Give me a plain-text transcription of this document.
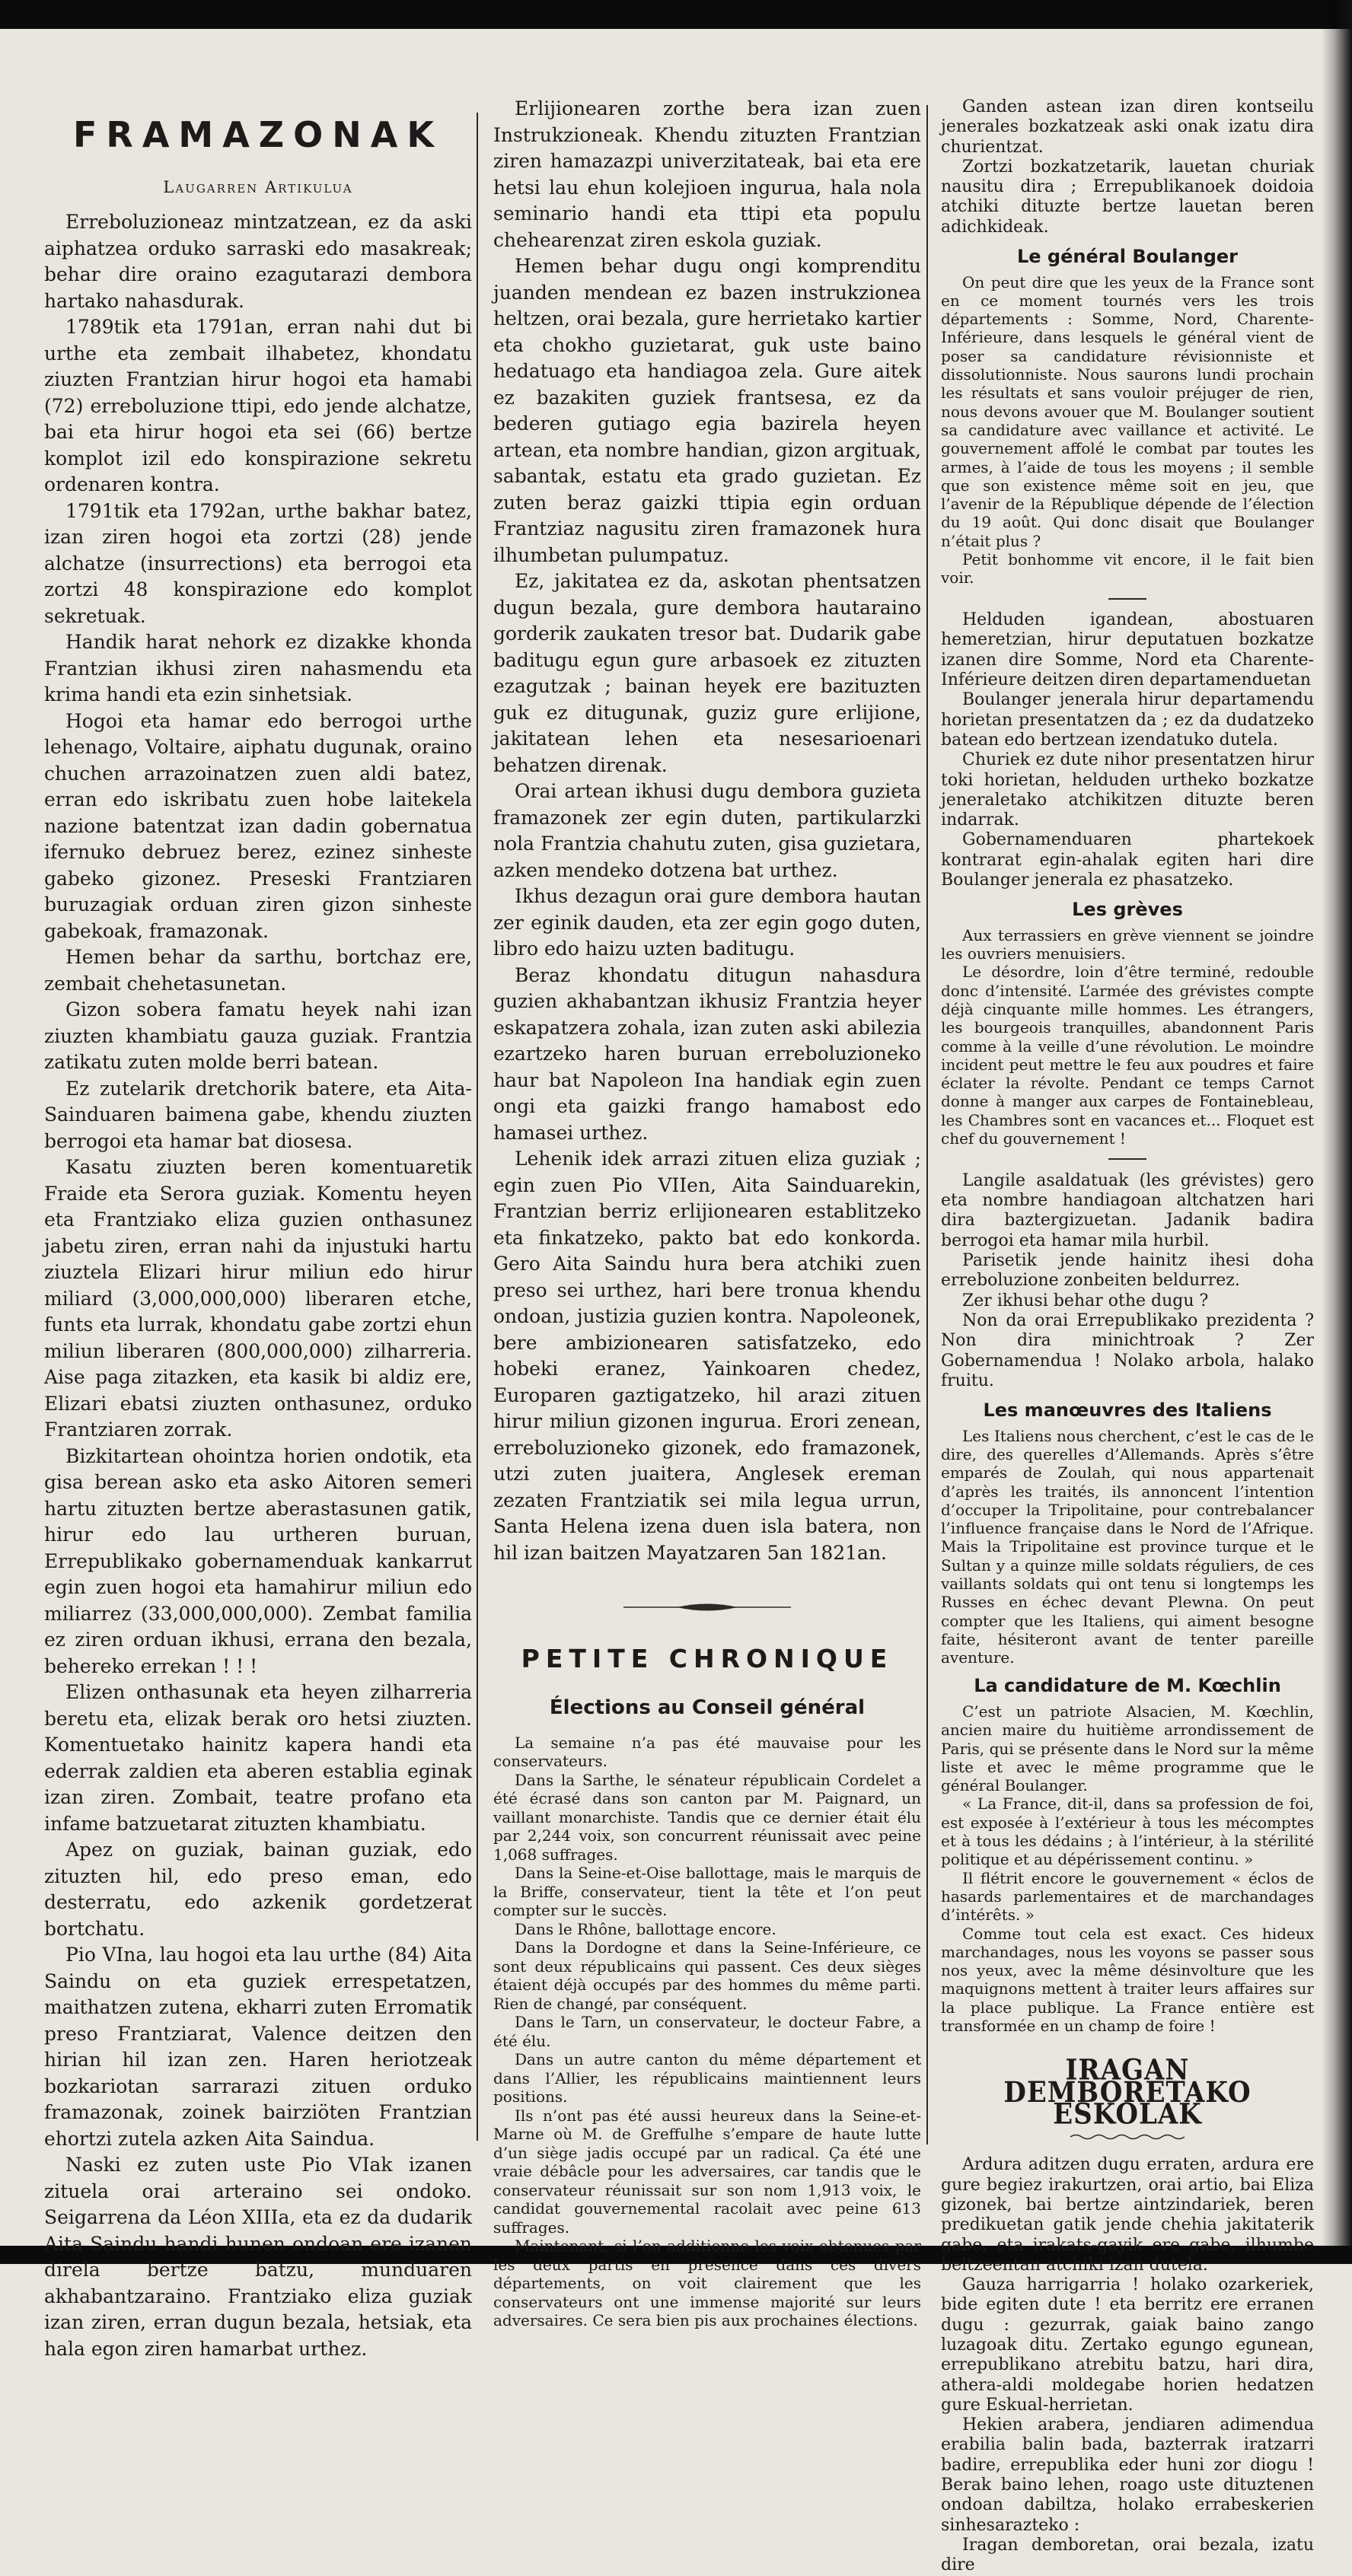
FRAMAZONAK

Laugarren Artikulua

Erreboluzioneaz mintzatzean, ez da aski aiphatzea orduko sarraski edo masakreak; behar dire oraino ezagutarazi dembora hartako nahasdurak.

1789tik eta 1791an, erran nahi dut bi urthe eta zembait ilhabetez, khondatu ziuzten Frantzian hirur hogoi eta hamabi (72) erreboluzione ttipi, edo jende alchatze, bai eta hirur hogoi eta sei (66) bertze komplot izil edo konspirazione sekretu ordenaren kontra.

1791tik eta 1792an, urthe bakhar batez, izan ziren hogoi eta zortzi (28) jende alchatze (insurrections) eta berrogoi eta zortzi 48 konspirazione edo komplot sekretuak.

Handik harat nehork ez dizakke khonda Frantzian ikhusi ziren nahasmendu eta krima handi eta ezin sinhetsiak.

Hogoi eta hamar edo berrogoi urthe lehenago, Voltaire, aiphatu dugunak, oraino chuchen arrazoinatzen zuen aldi batez, erran edo iskribatu zuen hobe laitekela nazione batentzat izan dadin gobernatua ifernuko debruez berez, ezinez sinheste gabeko gizonez. Preseski Frantziaren buruzagiak orduan ziren gizon sinheste gabekoak, framazonak.

Hemen behar da sarthu, bortchaz ere, zembait chehetasunetan.

Gizon sobera famatu heyek nahi izan ziuzten khambiatu gauza guziak. Frantzia zatikatu zuten molde berri batean.

Ez zutelarik dretchorik batere, eta Aita-Sainduaren baimena gabe, khendu ziuzten berrogoi eta hamar bat diosesa.

Kasatu ziuzten beren komentuaretik Fraide eta Serora guziak. Komentu heyen eta Frantziako eliza guzien onthasunez jabetu ziren, erran nahi da injustuki hartu ziuztela Elizari hirur miliun edo hirur miliard (3,000,000,000) liberaren etche, funts eta lurrak, khondatu gabe zortzi ehun miliun liberaren (800,000,000) zilharreria. Aise paga zitazken, eta kasik bi aldiz ere, Elizari ebatsi ziuzten onthasunez, orduko Frantziaren zorrak.

Bizkitartean ohointza horien ondotik, eta gisa berean asko eta asko Aitoren semeri hartu zituzten bertze aberastasunen gatik, hirur edo lau urtheren buruan, Errepublikako gobernamenduak kankarrut egin zuen hogoi eta hamahirur miliun edo miliarrez (33,000,000,000). Zembat familia ez ziren orduan ikhusi, errana den bezala, behereko errekan ! ! !

Elizen onthasunak eta heyen zilharreria beretu eta, elizak berak oro hetsi ziuzten. Komentuetako hainitz kapera handi eta ederrak zaldien eta aberen establia eginak izan ziren. Zombait, teatre profano eta infame batzuetarat zituzten khambiatu.

Apez on guziak, bainan guziak, edo zituzten hil, edo preso eman, edo desterratu, edo azkenik gordetzerat bortchatu.

Pio VIna, lau hogoi eta lau urthe (84) Aita Saindu on eta guziek errespetatzen, maithatzen zutena, ekharri zuten Erromatik preso Frantziarat, Valence deitzen den hirian hil izan zen. Haren heriotzeak bozkariotan sarrarazi zituen orduko framazonak, zoinek bairziöten Frantzian ehortzi zutela azken Aita Saindua.

Naski ez zuten uste Pio VIak izanen zituela orai arteraino sei ondoko. Seigarrena da Léon XIIIa, eta ez da dudarik Aita Saindu handi hunen ondoan ere izanen direla bertze batzu, munduaren akhabantzaraino. Frantziako eliza guziak izan ziren, erran dugun bezala, hetsiak, eta hala egon ziren hamarbat urthez.

Erlijionearen zorthe bera izan zuen Instrukzioneak. Khendu zituzten Frantzian ziren hamazazpi univerzitateak, bai eta ere hetsi lau ehun kolejioen ingurua, hala nola seminario handi eta ttipi eta populu chehearenzat ziren eskola guziak.

Hemen behar dugu ongi komprenditu juanden mendean ez bazen instrukzionea heltzen, orai bezala, gure herrietako kartier eta chokho guzietarat, guk uste baino hedatuago eta handiagoa zela. Gure aitek ez bazakiten guziek frantsesa, ez da bederen gutiago egia bazirela heyen artean, eta nombre handian, gizon argituak, sabantak, estatu eta grado guzietan. Ez zuten beraz gaizki ttipia egin orduan Frantziaz nagusitu ziren framazonek hura ilhumbetan pulumpatuz.

Ez, jakitatea ez da, askotan phentsatzen dugun bezala, gure dembora hautaraino gorderik zaukaten tresor bat. Dudarik gabe baditugu egun gure arbasoek ez zituzten ezagutzak ; bainan heyek ere bazituzten guk ez ditugunak, guziz gure erlijione, jakitatean lehen eta nesesarioenari behatzen direnak.

Orai artean ikhusi dugu dembora guzieta framazonek zer egin duten, partikularzki nola Frantzia chahutu zuten, gisa guzietara, azken mendeko dotzena bat urthez.

Ikhus dezagun orai gure dembora hautan zer eginik dauden, eta zer egin gogo duten, libro edo haizu uzten baditugu.

Beraz khondatu ditugun nahasdura guzien akhabantzan ikhusiz Frantzia heyer eskapatzera zohala, izan zuten aski abilezia ezartzeko haren buruan erreboluzioneko haur bat Napoleon Ina handiak egin zuen ongi eta gaizki frango hamabost edo hamasei urthez.

Lehenik idek arrazi zituen eliza guziak ; egin zuen Pio VIIen, Aita Sainduarekin, Frantzian berriz erlijionearen establitzeko eta finkatzeko, pakto bat edo konkorda. Gero Aita Saindu hura bera atchiki zuen preso sei urthez, hari bere tronua khendu ondoan, justizia guzien kontra. Napoleonek, bere ambizionearen satisfatzeko, edo hobeki eranez, Yainkoaren chedez, Europaren gaztigatzeko, hil arazi zituen hirur miliun gizonen ingurua. Erori zenean, erreboluzioneko gizonek, edo framazonek, utzi zuten juaitera, Anglesek ereman zezaten Frantziatik sei mila legua urrun, Santa Helena izena duen isla batera, non hil izan baitzen Mayatzaren 5an 1821an.

PETITE CHRONIQUE

Élections au Conseil général

La semaine n’a pas été mauvaise pour les conservateurs.

Dans la Sarthe, le sénateur républicain Cordelet a été écrasé dans son canton par M. Paignard, un vaillant monarchiste. Tandis que ce dernier était élu par 2,244 voix, son concurrent réunissait avec peine 1,068 suffrages.

Dans la Seine-et-Oise ballottage, mais le marquis de la Briffe, conservateur, tient la tête et l’on peut compter sur le succès.

Dans le Rhône, ballottage encore.

Dans la Dordogne et dans la Seine-Inférieure, ce sont deux républicains qui passent. Ces deux sièges étaient déjà occupés par des hommes du même parti. Rien de changé, par conséquent.

Dans le Tarn, un conservateur, le docteur Fabre, a été élu.

Dans un autre canton du même département et dans l’Allier, les républicains maintiennent leurs positions.

Ils n’ont pas été aussi heureux dans la Seine-et-Marne où M. de Greffulhe s’empare de haute lutte d’un siège jadis occupé par un radical. Ça été une vraie débâcle pour les adversaires, car tandis que le conservateur réunissait sur son nom 1,913 voix, le candidat gouvernemental racolait avec peine 613 suffrages.

Maintenant, si l’on additionne les voix obtenues par les deux partis en présence dans ces divers départements, on voit clairement que les conservateurs ont une immense majorité sur leurs adversaires. Ce sera bien pis aux prochaines élections.

Ganden astean izan diren kontseilu jenerales bozkatzeak aski onak izatu dira churientzat.

Zortzi bozkatzetarik, lauetan churiak nausitu dira ; Errepublikanoek doidoia atchiki dituzte bertze lauetan beren adichkideak.

Le général Boulanger

On peut dire que les yeux de la France sont en ce moment tournés vers les trois départements : Somme, Nord, Charente-Inférieure, dans lesquels le général vient de poser sa candidature révisionniste et dissolutionniste. Nous saurons lundi prochain les résultats et sans vouloir préjuger de rien, nous devons avouer que M. Boulanger soutient sa candidature avec vaillance et activité. Le gouvernement affolé le combat par toutes les armes, à l’aide de tous les moyens ; il semble que son existence même soit en jeu, que l’avenir de la République dépende de l’élection du 19 août. Qui donc disait que Boulanger n’était plus ?

Petit bonhomme vit encore, il le fait bien voir.

Helduden igandean, abostuaren hemeretzian, hirur deputatuen bozkatze izanen dire Somme, Nord eta Charente-Inférieure deitzen diren departamenduetan

Boulanger jenerala hirur departamendu horietan presentatzen da ; ez da dudatzeko batean edo bertzean izendatuko dutela.

Churiek ez dute nihor presentatzen hirur toki horietan, helduden urtheko bozkatze jeneraletako atchikitzen dituzte beren indarrak.

Gobernamenduaren phartekoek kontrarat egin-ahalak egiten hari dire Boulanger jenerala ez phasatzeko.

Les grèves

Aux terrassiers en grève viennent se joindre les ouvriers menuisiers.

Le désordre, loin d’être terminé, redouble donc d’intensité. L’armée des grévistes compte déjà cinquante mille hommes. Les étrangers, les bourgeois tranquilles, abandonnent Paris comme à la veille d’une révolution. Le moindre incident peut mettre le feu aux poudres et faire éclater la révolte. Pendant ce temps Carnot donne à manger aux carpes de Fontainebleau, les Chambres sont en vacances et... Floquet est chef du gouvernement !

Langile asaldatuak (les grévistes) gero eta nombre handiagoan altchatzen hari dira baztergizuetan. Jadanik badira berrogoi eta hamar mila hurbil.

Parisetik jende hainitz ihesi doha erreboluzione zonbeiten beldurrez.

Zer ikhusi behar othe dugu ?

Non da orai Errepublikako prezidenta ? Non dira minichtroak ? Zer Gobernamendua ! Nolako arbola, halako fruitu.

Les manœuvres des Italiens

Les Italiens nous cherchent, c’est le cas de le dire, des querelles d’Allemands. Après s’être emparés de Zoulah, qui nous appartenait d’après les traités, ils annoncent l’intention d’occuper la Tripolitaine, pour contrebalancer l’influence française dans le Nord de l’Afrique. Mais la Tripolitaine est province turque et le Sultan y a quinze mille soldats réguliers, de ces vaillants soldats qui ont tenu si longtemps les Russes en échec devant Plewna. On peut compter que les Italiens, qui aiment besogne faite, hésiteront avant de tenter pareille aventure.

La candidature de M. Kœchlin

C’est un patriote Alsacien, M. Kœchlin, ancien maire du huitième arrondissement de Paris, qui se présente dans le Nord sur la même liste et avec le même programme que le général Boulanger.

« La France, dit-il, dans sa profession de foi, est exposée à l’extérieur à tous les mécomptes et à tous les dédains ; à l’intérieur, à la stérilité politique et au dépérissement continu. »

Il flétrit encore le gouvernement « éclos de hasards parlementaires et de marchandages d’intérêts. »

Comme tout cela est exact. Ces hideux marchandages, nous les voyons se passer sous nos yeux, avec la même désinvolture que les maquignons mettent à traiter leurs affaires sur la place publique. La France entière est transformée en un champ de foire !

IRAGAN DEMBORETAKO ESKOLAK

Ardura aditzen dugu erraten, ardura ere gure begiez irakurtzen, orai artio, bai Eliza gizonek, bai bertze aintzindariek, beren predikuetan gatik jende chehia jakitaterik gabe, eta irakats-gayik ere gabe, ilhumbe beltzeentan atchiki izan dutela.

Gauza harrigarria ! holako ozarkeriek, bide egiten dute ! eta berritz ere erranen dugu : gezurrak, gaiak baino zango luzagoak ditu. Zertako egungo egunean, errepublikano atrebitu batzu, hari dira, athera-aldi moldegabe horien hedatzen gure Eskual-herrietan.

Hekien arabera, jendiaren adimendua erabilia balin bada, bazterrak iratzarri badire, errepublika eder huni zor diogu ! Berak baino lehen, roago uste dituztenen ondoan dabiltza, holako errabeskerien sinhesarazteko :

Iragan demboretan, orai bezala, izatu dire
